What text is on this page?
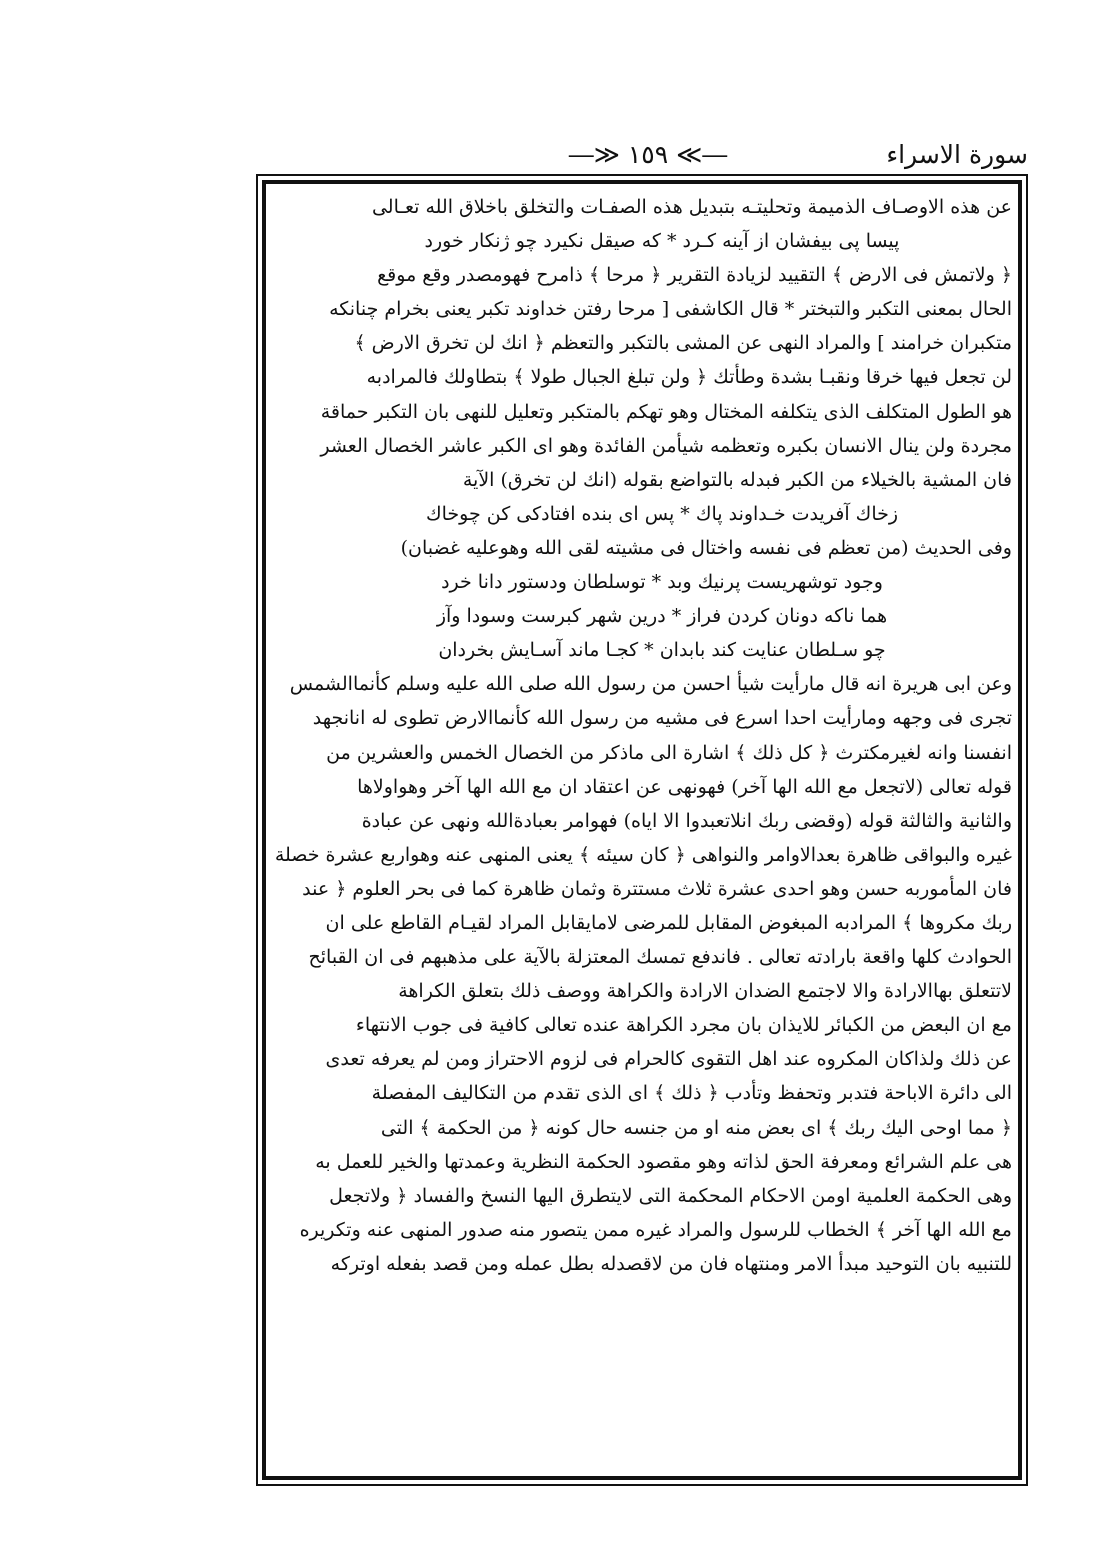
سورة الاسراء
―≫ ١٥٩ ≪―
عن هذه الاوصـاف الذميمة وتحليتـه بتبديل هذه الصفـات والتخلق باخلاق الله تعـالى
پيسا پى بيفشان از آينه كـرد * كه صيقل نكيرد چو ژنكار خورد
﴿ ولاتمش فى الارض ﴾ التقييد لزيادة التقرير ﴿ مرحا ﴾ ذامرح فهومصدر وقع موقع
الحال بمعنى التكبر والتبختر * قال الكاشفى [ مرحا رفتن خداوند تكبر يعنى بخرام چنانكه
متكبران خرامند ] والمراد النهى عن المشى بالتكبر والتعظم ﴿ انك لن تخرق الارض ﴾
لن تجعل فيها خرقا ونقبـا بشدة وطأتك ﴿ ولن تبلغ الجبال طولا ﴾ بتطاولك فالمرادبه
هو الطول المتكلف الذى يتكلفه المختال وهو تهكم بالمتكبر وتعليل للنهى بان التكبر حماقة
مجردة ولن ينال الانسان بكبره وتعظمه شيأمن الفائدة وهو اى الكبر عاشر الخصال العشر
فان المشية بالخيلاء من الكبر فبدله بالتواضع بقوله (انك لن تخرق) الآية
زخاك آفريدت خـداوند پاك * پس اى بنده افتادكى كن چوخاك
وفى الحديث (من تعظم فى نفسه واختال فى مشيته لقى الله وهوعليه غضبان)
وجود توشهريست پرنيك وبد * توسلطان ودستور دانا خرد
هما ناكه دونان كردن فراز * درين شهر كبرست وسودا وآز
چو سـلطان عنايت كند بابدان * كجـا ماند آسـايش بخردان
وعن ابى هريرة انه قال مارأيت شيأ احسن من رسول الله صلى الله عليه وسلم كأنماالشمس
تجرى فى وجهه ومارأيت احدا اسرع فى مشيه من رسول الله كأنماالارض تطوى له انانجهد
انفسنا وانه لغيرمكترث ﴿ كل ذلك ﴾ اشارة الى ماذكر من الخصال الخمس والعشرين من
قوله تعالى (لاتجعل مع الله الها آخر) فهونهى عن اعتقاد ان مع الله الها آخر وهواولاها
والثانية والثالثة قوله (وقضى ربك انلاتعبدوا الا اياه) فهوامر بعبادةالله ونهى عن عبادة
غيره والبواقى ظاهرة بعدالاوامر والنواهى ﴿ كان سيئه ﴾ يعنى المنهى عنه وهواربع عشرة خصلة
فان المأموربه حسن وهو احدى عشرة ثلاث مستترة وثمان ظاهرة كما فى بحر العلوم ﴿ عند
ربك مكروها ﴾ المرادبه المبغوض المقابل للمرضى لامايقابل المراد لقيـام القاطع على ان
الحوادث كلها واقعة بارادته تعالى . فاندفع تمسك المعتزلة بالآية على مذهبهم فى ان القبائح
لاتتعلق بهاالارادة والا لاجتمع الضدان الارادة والكراهة ووصف ذلك بتعلق الكراهة
مع ان البعض من الكبائر للايذان بان مجرد الكراهة عنده تعالى كافية فى جوب الانتهاء
عن ذلك ولذاكان المكروه عند اهل التقوى كالحرام فى لزوم الاحتراز ومن لم يعرفه تعدى
الى دائرة الاباحة فتدبر وتحفظ وتأدب ﴿ ذلك ﴾ اى الذى تقدم من التكاليف المفصلة
﴿ مما اوحى اليك ربك ﴾ اى بعض منه او من جنسه حال كونه ﴿ من الحكمة ﴾ التى
هى علم الشرائع ومعرفة الحق لذاته وهو مقصود الحكمة النظرية وعمدتها والخير للعمل به
وهى الحكمة العلمية اومن الاحكام المحكمة التى لايتطرق اليها النسخ والفساد ﴿ ولاتجعل
مع الله الها آخر ﴾ الخطاب للرسول والمراد غيره ممن يتصور منه صدور المنهى عنه وتكريره
للتنبيه بان التوحيد مبدأ الامر ومنتهاه فان من لاقصدله بطل عمله ومن قصد بفعله اوتركه
